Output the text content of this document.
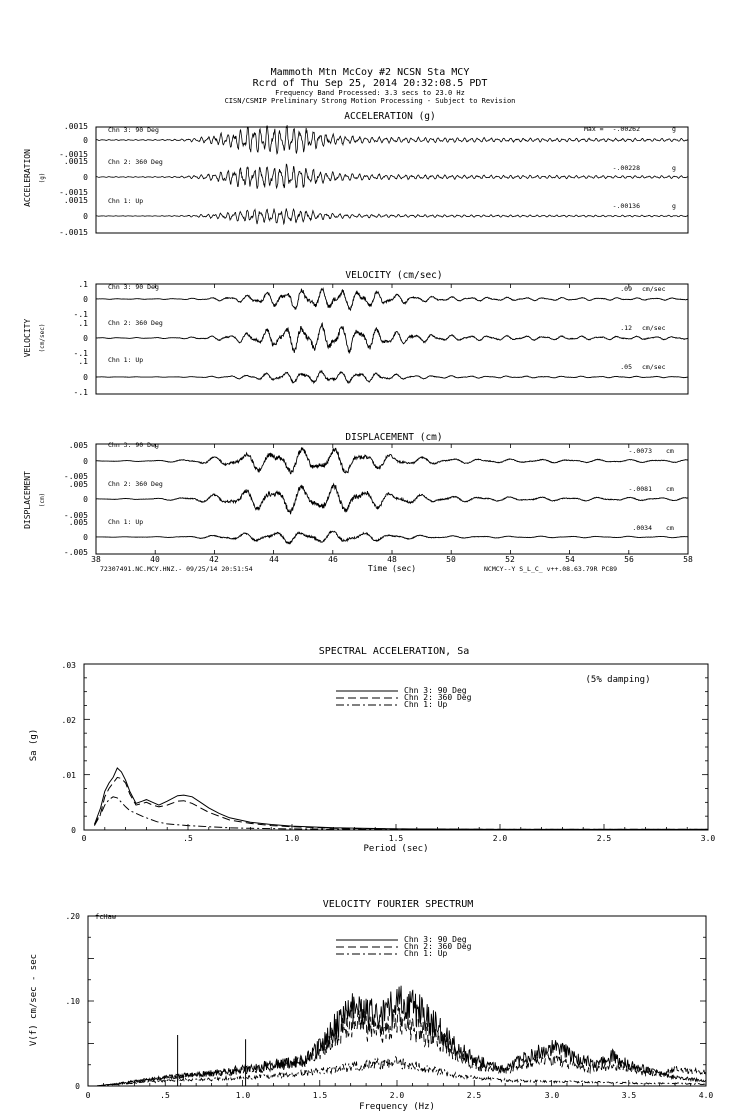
Mammoth Mtn McCoy #2 NCSN Sta MCY
Rcrd of Thu Sep 25, 2014 20:32:08.5 PDT
Frequency Band Processed: 3.3 secs to 23.0 Hz
CISN/CSMIP Preliminary Strong Motion Processing - Subject to Revision
ACCELERATION (g)
ACCELERATION (g)
Max =
Chn 3: 90 Deg	-.00262	g
.0015
0
-.0015
Chn 2: 360 Deg
-.00228	g
.0015
0
-.0015
Chn 1: Up
-.00136	g
.0015
0
-.0015
VELOCITY (cm/sec)
VELOCITY (cm/sec)
Chn 3: 90 Deg	.09 cm/sec
.1
0
-.1
Chn 2: 360 Deg
.12 cm/sec
.1
0
-.1
Chn 1: Up
.05 cm/sec
.1
0
-.1
DISPLACEMENT (cm)
DISPLACEMENT (cm)
Chn 3: 90 Deg
-.0073 cm
.005
0
-.005
Chn 2: 360 Deg
-.0081 cm
.005
0
-.005
Chn 1: Up
.0034 cm
.005
0
-.005
38	40	42	44	46	48	50	52	54	56	58
Time (sec)
72307491.NC.MCY.HNZ.- 09/25/14 20:51:54	NCMCY--Y S_L_C_ v++.08.63.79R PC89
SPECTRAL ACCELERATION, Sa
Sa (g)
Period (sec)
(5% damping)
0	.5	1.0	1.5	2.0	2.5	3.0
0
.01
.02
.03
Chn 3: 90 Deg
Chn 2: 360 Deg
Chn 1: Up
VELOCITY FOURIER SPECTRUM
V(f) cm/sec - sec
Frequency (Hz)
fcHaw
0	.5	1.0	1.5	2.0	2.5	3.0	3.5	4.0
0
.10
.20
Chn 3: 90 Deg
Chn 2: 360 Deg
Chn 1: Up
